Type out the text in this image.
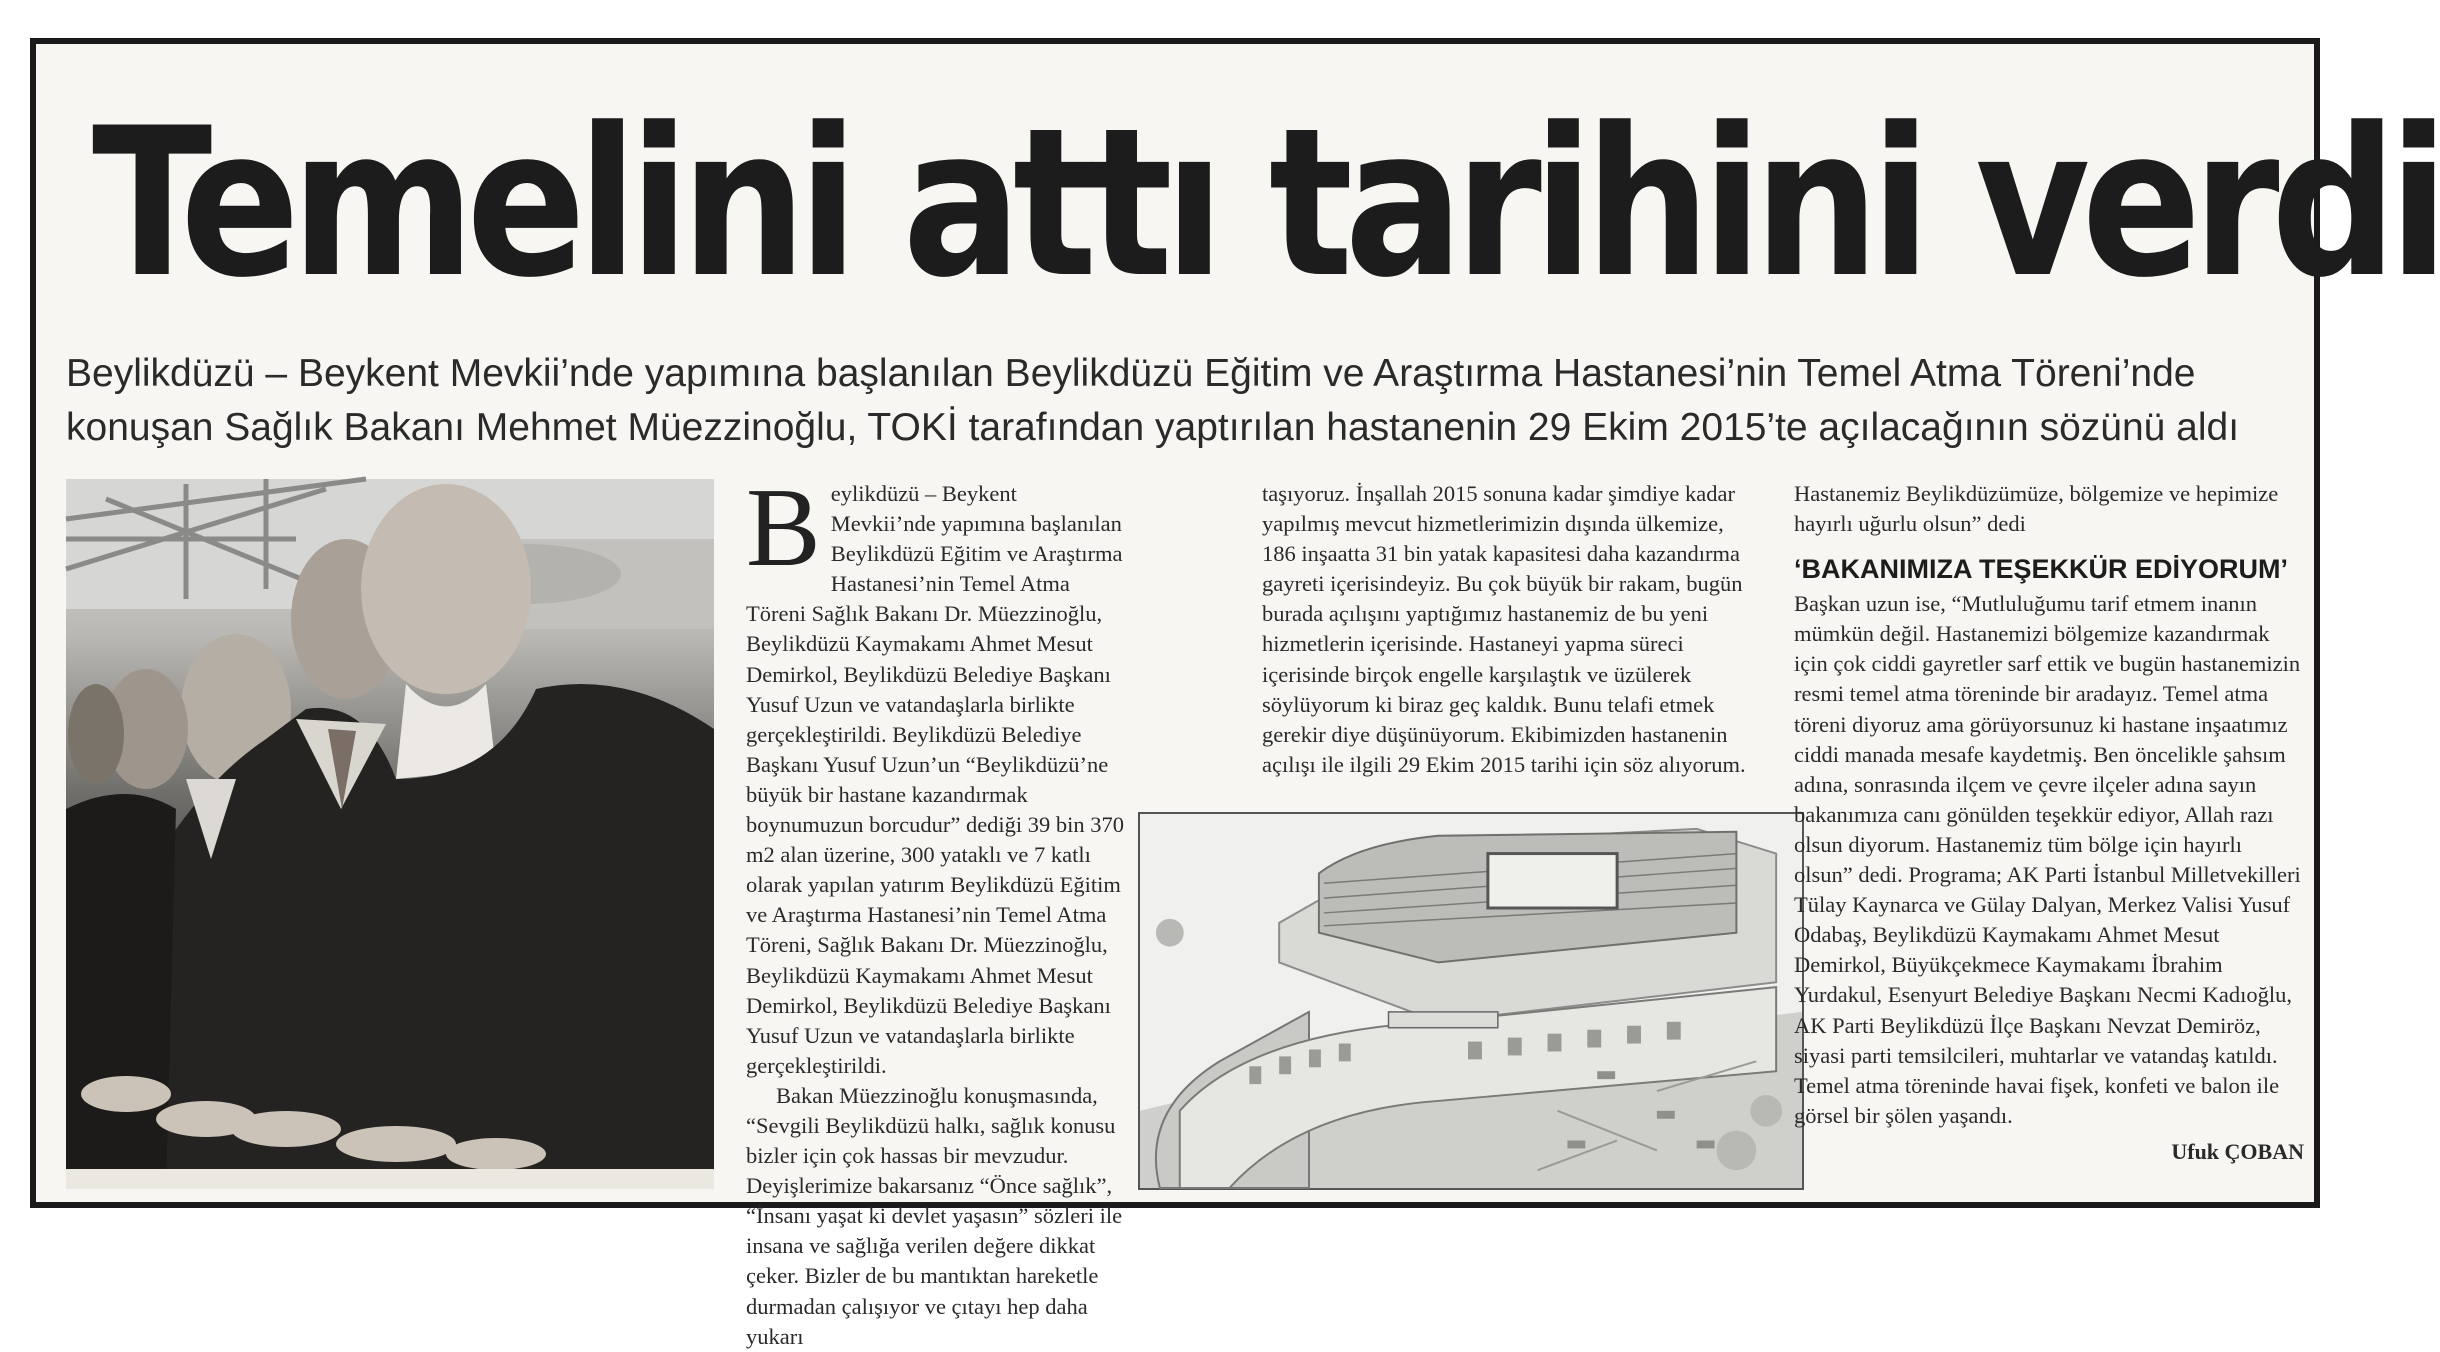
Temelini attı tarihini verdi

Beylikdüzü – Beykent Mevkii’nde yapımına başlanılan Beylikdüzü Eğitim ve Araştırma Hastanesi’nin Temel Atma Töreni’nde
konuşan Sağlık Bakanı Mehmet Müezzinoğlu, TOKİ tarafından yaptırılan hastanenin 29 Ekim 2015’te açılacağının sözünü aldı

B eylikdüzü – Beykent Mevkii’nde yapımına başlanılan Beylikdüzü Eğitim ve Araştırma Hastanesi’nin Temel Atma Töreni Sağlık Bakanı Dr. Müezzinoğlu, Beylikdüzü Kaymakamı Ahmet Mesut Demirkol, Beylikdüzü Belediye Başkanı Yusuf Uzun ve vatandaşlarla birlikte gerçekleştirildi. Beylikdüzü Belediye Başkanı Yusuf Uzun’un “Beylikdüzü’ne büyük bir hastane kazandırmak boynumuzun borcudur” dediği 39 bin 370 m2 alan üzerine, 300 yataklı ve 7 katlı olarak yapılan yatırım Beylikdüzü Eğitim ve Araştırma Hastanesi’nin Temel Atma Töreni, Sağlık Bakanı Dr. Müezzinoğlu, Beylikdüzü Kaymakamı Ahmet Mesut Demirkol, Beylikdüzü Belediye Başkanı Yusuf Uzun ve vatandaşlarla birlikte gerçekleştirildi.

Bakan Müezzinoğlu konuşmasında, “Sevgili Beylikdüzü halkı, sağlık konusu bizler için çok hassas bir mevzudur. Deyişlerimize bakarsanız “Önce sağlık”, “İnsanı yaşat ki devlet yaşasın” sözleri ile insana ve sağlığa verilen değere dikkat çeker. Bizler de bu mantıktan hareketle durmadan çalışıyor ve çıtayı hep daha yukarı

taşıyoruz. İnşallah 2015 sonuna kadar şimdiye kadar yapılmış mevcut hizmetlerimizin dışında ülkemize, 186 inşaatta 31 bin yatak kapasitesi daha kazandırma gayreti içerisindeyiz. Bu çok büyük bir rakam, bugün burada açılışını yaptığımız hastanemiz de bu yeni hizmetlerin içerisinde. Hastaneyi yapma süreci içerisinde birçok engelle karşılaştık ve üzülerek söylüyorum ki biraz geç kaldık. Bunu telafi etmek gerekir diye düşünüyorum. Ekibimizden hastanenin açılışı ile ilgili 29 Ekim 2015 tarihi için söz alıyorum.

Hastanemiz Beylikdüzümüze, bölgemize ve hepimize hayırlı uğurlu olsun” dedi

‘BAKANIMIZA TEŞEKKÜR EDİYORUM’

Başkan uzun ise, “Mutluluğumu tarif etmem inanın mümkün değil. Hastanemizi bölgemize kazandırmak için çok ciddi gayretler sarf ettik ve bugün hastanemizin resmi temel atma töreninde bir aradayız. Temel atma töreni diyoruz ama görüyorsunuz ki hastane inşaatımız ciddi manada mesafe kaydetmiş. Ben öncelikle şahsım adına, sonrasında ilçem ve çevre ilçeler adına sayın bakanımıza canı gönülden teşekkür ediyor, Allah razı olsun diyorum. Hastanemiz tüm bölge için hayırlı olsun” dedi. Programa; AK Parti İstanbul Milletvekilleri Tülay Kaynarca ve Gülay Dalyan, Merkez Valisi Yusuf Odabaş, Beylikdüzü Kaymakamı Ahmet Mesut Demirkol, Büyükçekmece Kaymakamı İbrahim Yurdakul, Esenyurt Belediye Başkanı Necmi Kadıoğlu, AK Parti Beylikdüzü İlçe Başkanı Nevzat Demiröz, siyasi parti temsilcileri, muhtarlar ve vatandaş katıldı. Temel atma töreninde havai fişek, konfeti ve balon ile görsel bir şölen yaşandı.

Ufuk ÇOBAN
